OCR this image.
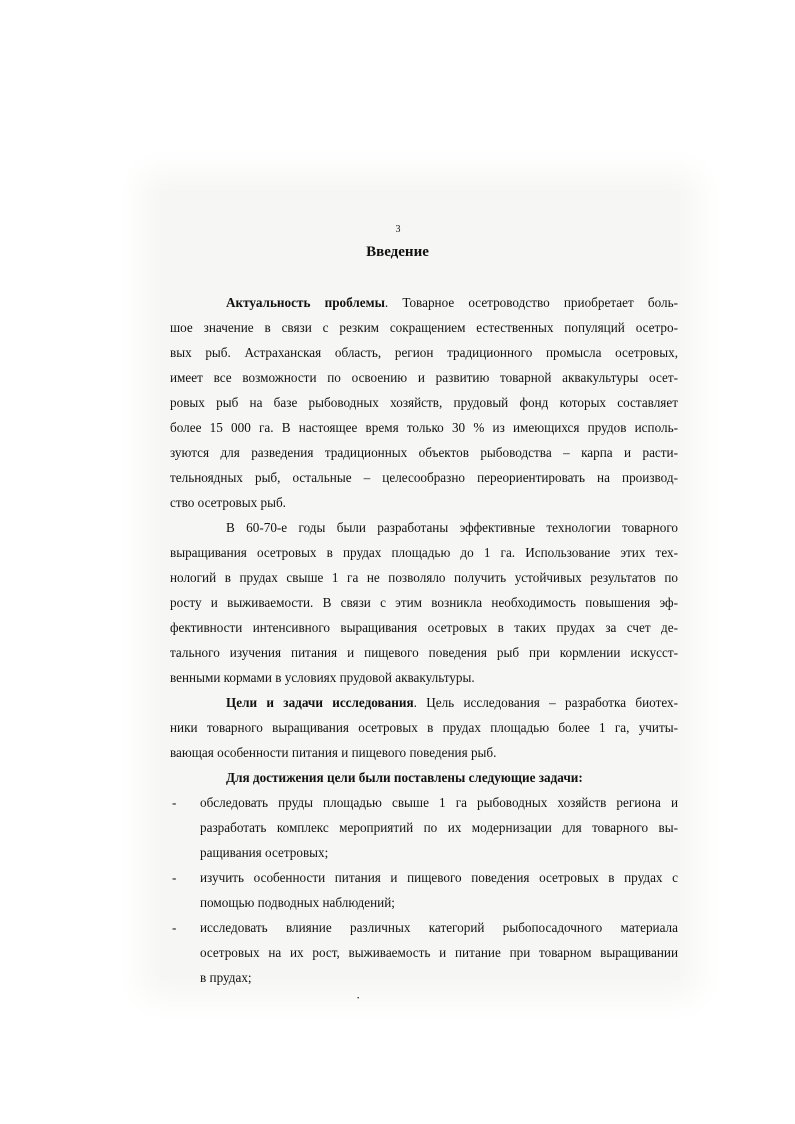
3
Введение
Актуальность проблемы. Товарное осетроводство приобретает боль-
шое значение в связи с резким сокращением естественных популяций осетро-
вых рыб. Астраханская область, регион традиционного промысла осетровых,
имеет все возможности по освоению и развитию товарной аквакультуры осет-
ровых рыб на базе рыбоводных хозяйств, прудовый фонд которых составляет
более 15 000 га. В настоящее время только 30 % из имеющихся прудов исполь-
зуются для разведения традиционных объектов рыбоводства – карпа и расти-
тельноядных рыб, остальные – целесообразно переориентировать на производ-
ство осетровых рыб.
В 60-70-е годы были разработаны эффективные технологии товарного
выращивания осетровых в прудах площадью до 1 га. Использование этих тех-
нологий в прудах свыше 1 га не позволяло получить устойчивых результатов по
росту и выживаемости. В связи с этим возникла необходимость повышения эф-
фективности интенсивного выращивания осетровых в таких прудах за счет де-
тального изучения питания и пищевого поведения рыб при кормлении искусст-
венными кормами в условиях прудовой аквакультуры.
Цели и задачи исследования. Цель исследования – разработка биотех-
ники товарного выращивания осетровых в прудах площадью более 1 га, учиты-
вающая особенности питания и пищевого поведения рыб.
Для достижения цели были поставлены следующие задачи:
- обследовать пруды площадью свыше 1 га рыбоводных хозяйств региона и
разработать комплекс мероприятий по их модернизации для товарного вы-
ращивания осетровых;
- изучить особенности питания и пищевого поведения осетровых в прудах с
помощью подводных наблюдений;
- исследовать влияние различных категорий рыбопосадочного материала
осетровых на их рост, выживаемость и питание при товарном выращивании
в прудах;
·
